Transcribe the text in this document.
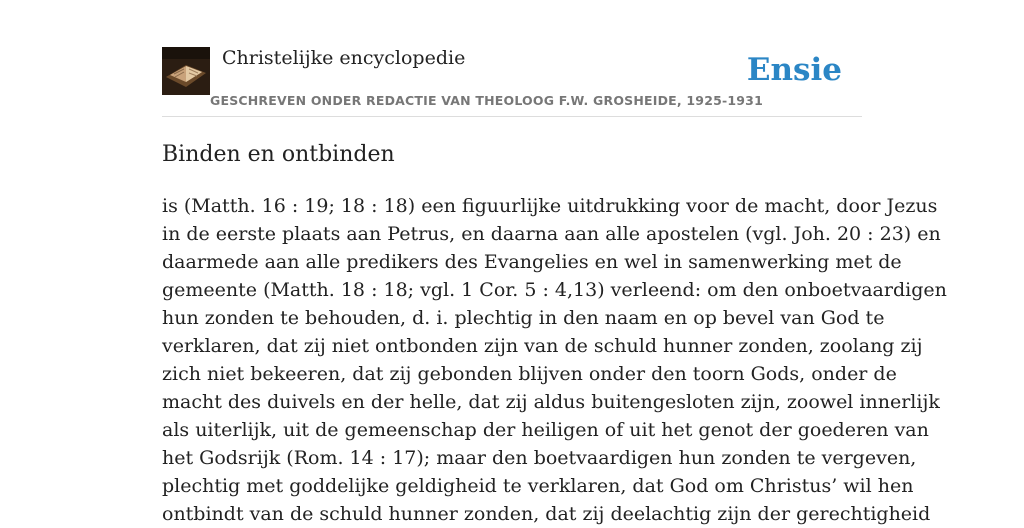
Christelijke encyclopedie
GESCHREVEN ONDER REDACTIE VAN THEOLOOG F.W. GROSHEIDE, 1925-1931
Ensie
Binden en ontbinden
is (Matth. 16 : 19; 18 : 18) een figuurlijke uitdrukking voor de macht, door Jezus
in de eerste plaats aan Petrus, en daarna aan alle apostelen (vgl. Joh. 20 : 23) en
daarmede aan alle predikers des Evangelies en wel in samenwerking met de
gemeente (Matth. 18 : 18; vgl. 1 Cor. 5 : 4,13) verleend: om den onboetvaardigen
hun zonden te behouden, d. i. plechtig in den naam en op bevel van God te
verklaren, dat zij niet ontbonden zijn van de schuld hunner zonden, zoolang zij
zich niet bekeeren, dat zij gebonden blijven onder den toorn Gods, onder de
macht des duivels en der helle, dat zij aldus buitengesloten zijn, zoowel innerlijk
als uiterlijk, uit de gemeenschap der heiligen of uit het genot der goederen van
het Godsrijk (Rom. 14 : 17); maar den boetvaardigen hun zonden te vergeven,
plechtig met goddelijke geldigheid te verklaren, dat God om Christus’ wil hen
ontbindt van de schuld hunner zonden, dat zij deelachtig zijn der gerechtigheid
